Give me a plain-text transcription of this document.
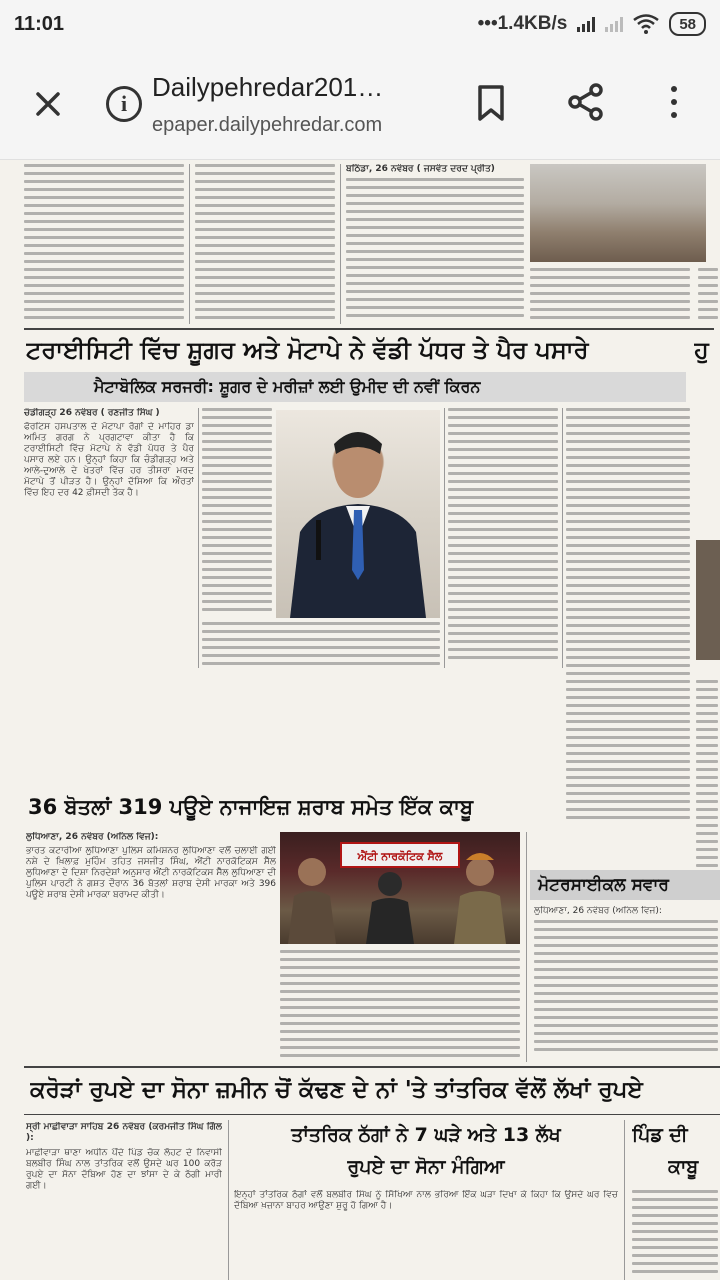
11:01	•••1.4KB/s	58
i
Dailypehredar201…
epaper.dailypehredar.com
ਬਠਿੰਡਾ, 26 ਨਵੰਬਰ ( ਜਸਵੰਤ ਦਰਦ ਪ੍ਰੀਤ)
ਟਰਾਈਸਿਟੀ ਵਿੱਚ ਸ਼ੂਗਰ ਅਤੇ ਮੋਟਾਪੇ ਨੇ ਵੱਡੀ ਪੱਧਰ ਤੇ ਪੈਰ ਪਸਾਰੇ	ਹੁ
ਮੈਟਾਬੋਲਿਕ ਸਰਜਰੀ: ਸ਼ੂਗਰ ਦੇ ਮਰੀਜ਼ਾਂ ਲਈ ਉਮੀਦ ਦੀ ਨਵੀਂ ਕਿਰਨ
ਚੰਡੀਗੜ੍ਹ 26 ਨਵੰਬਰ ( ਰਣਜੀਤ ਸਿੰਘ )
ਫੋਰਟਿਸ ਹਸਪਤਾਲ ਦੇ ਮੋਟਾਪਾ ਰੋਗਾਂ ਦੇ ਮਾਹਿਰ ਡਾ ਅਮਿਤ ਗਰਗ ਨੇ ਪ੍ਰਗਟਾਵਾ ਕੀਤਾ ਹੈ ਕਿ ਟਰਾਈਸਿਟੀ ਵਿੱਚ ਮੋਟਾਪੇ ਨੇ ਵੱਡੀ ਪੱਧਰ ਤੇ ਪੈਰ ਪਸਾਰ ਲਏ ਹਨ। ਉਨ੍ਹਾਂ ਕਿਹਾ ਕਿ ਚੰਡੀਗੜ੍ਹ ਅਤੇ ਆਲੇ-ਦੁਆਲੇ ਦੇ ਖੇਤਰਾਂ ਵਿੱਚ ਹਰ ਤੀਸਰਾ ਮਰਦ ਮੋਟਾਪੇ ਤੋਂ ਪੀੜਤ ਹੈ। ਉਨ੍ਹਾਂ ਦੱਸਿਆ ਕਿ ਔਰਤਾਂ ਵਿੱਚ ਇਹ ਦਰ 42 ਫ਼ੀਸਦੀ ਤੱਕ ਹੈ।
36 ਬੋਤਲਾਂ 319 ਪਊਏ ਨਾਜਾਇਜ਼ ਸ਼ਰਾਬ ਸਮੇਤ ਇੱਕ ਕਾਬੂ
ਲੁਧਿਆਣਾ, 26 ਨਵੰਬਰ (ਅਨਿਲ ਵਿਜ):
ਭਾਰਤ ਕਟਾਰੀਆ ਲੁਧਿਆਣਾ ਪੁਲਿਸ ਕਮਿਸ਼ਨਰ ਲੁਧਿਆਣਾ ਵਲੋਂ ਚਲਾਈ ਗਈ ਨਸ਼ੇ ਦੇ ਖ਼ਿਲਾਫ਼ ਮੁਹਿੰਮ ਤਹਿਤ ਜਸਜੀਤ ਸਿੰਘ, ਐਂਟੀ ਨਾਰਕੋਟਿਕਸ ਸੈੱਲ ਲੁਧਿਆਣਾ ਦੇ ਦਿਸ਼ਾ ਨਿਰਦੇਸ਼ਾਂ ਅਨੁਸਾਰ ਐਂਟੀ ਨਾਰਕੋਟਿਕਸ ਸੈੱਲ ਲੁਧਿਆਣਾ ਦੀ ਪੁਲਿਸ ਪਾਰਟੀ ਨੇ ਗਸ਼ਤ ਦੌਰਾਨ 36 ਬੋਤਲਾਂ ਸ਼ਰਾਬ ਦੇਸੀ ਮਾਰਕਾ ਅਤੇ 396 ਪਊਏ ਸ਼ਰਾਬ ਦੇਸੀ ਮਾਰਕਾ ਬਰਾਮਦ ਕੀਤੀ।
ਐਂਟੀ ਨਾਰਕੋਟਿਕ ਸੈਲ
ਮੋਟਰਸਾਈਕਲ ਸਵਾਰ
ਲੁਧਿਆਣਾ, 26 ਨਵੰਬਰ (ਅਨਿਲ ਵਿਜ):
ਕਰੋੜਾਂ ਰੁਪਏ ਦਾ ਸੋਨਾ ਜ਼ਮੀਨ ਚੋਂ ਕੱਢਣ ਦੇ ਨਾਂ 'ਤੇ ਤਾਂਤਰਿਕ ਵੱਲੋਂ ਲੱਖਾਂ ਰੁਪਏ
ਸ੍ਰੀ ਮਾਛੀਵਾੜਾ ਸਾਹਿਬ 26 ਨਵੰਬਰ (ਕਰਮਜੀਤ ਸਿੰਘ ਗਿੱਲ ):
ਮਾਛੀਵਾੜਾ ਥਾਣਾ ਅਧੀਨ ਪੈਂਦੇ ਪਿੰਡ ਚੱਕ ਲੋਹਟ ਦੇ ਨਿਵਾਸੀ ਬਲਬੀਰ ਸਿੰਘ ਨਾਲ ਤਾਂਤਰਿਕ ਵਲੋਂ ਉਸਦੇ ਘਰ 100 ਕਰੋੜ ਰੁਪਏ ਦਾ ਸੋਨਾ ਦੱਬਿਆ ਹੋਣ ਦਾ ਝਾਂਸਾ ਦੇ ਕੇ ਠੱਗੀ ਮਾਰੀ ਗਈ।
ਤਾਂਤਰਿਕ ਠੱਗਾਂ ਨੇ 7 ਘੜੇ ਅਤੇ 13 ਲੱਖ
ਰੁਪਏ ਦਾ ਸੋਨਾ ਮੰਗਿਆ
ਇਨ੍ਹਾਂ ਤਾਂਤਰਿਕ ਠੱਗਾਂ ਵਲੋਂ ਬਲਬੀਰ ਸਿੰਘ ਨੂੰ ਸਿੱਖਿਆ ਨਾਲ ਭਰਿਆ ਇੱਕ ਘੜਾ ਦਿਖਾ ਕੇ ਕਿਹਾ ਕਿ ਉਸਦੇ ਘਰ ਵਿਚ ਦੱਬਿਆ ਖ਼ਜ਼ਾਨਾ ਬਾਹਰ ਆਉਣਾ ਸ਼ੁਰੂ ਹੋ ਗਿਆ ਹੈ।
ਪਿੰਡ ਦੀ
ਕਾਬੂ
